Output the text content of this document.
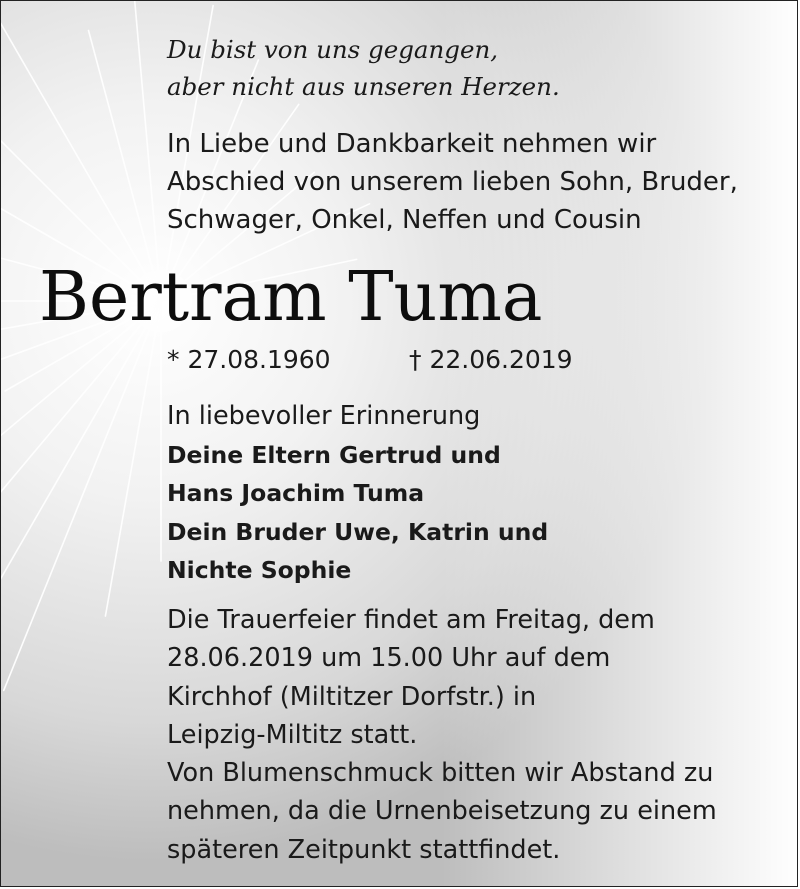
Du bist von uns gegangen,
aber nicht aus unseren Herzen.

In Liebe und Dankbarkeit nehmen wir
Abschied von unserem lieben Sohn, Bruder,
Schwager, Onkel, Neffen und Cousin

Bertram Tuma
* 27.08.1960	† 22.06.2019
In liebevoller Erinnerung
Deine Eltern Gertrud und
Hans Joachim Tuma
Dein Bruder Uwe, Katrin und
Nichte Sophie
Die Trauerfeier findet am Freitag, dem
28.06.2019 um 15.00 Uhr auf dem
Kirchhof (Miltitzer Dorfstr.) in
Leipzig-Miltitz statt.
Von Blumenschmuck bitten wir Abstand zu
nehmen, da die Urnenbeisetzung zu einem
späteren Zeitpunkt stattfindet.
